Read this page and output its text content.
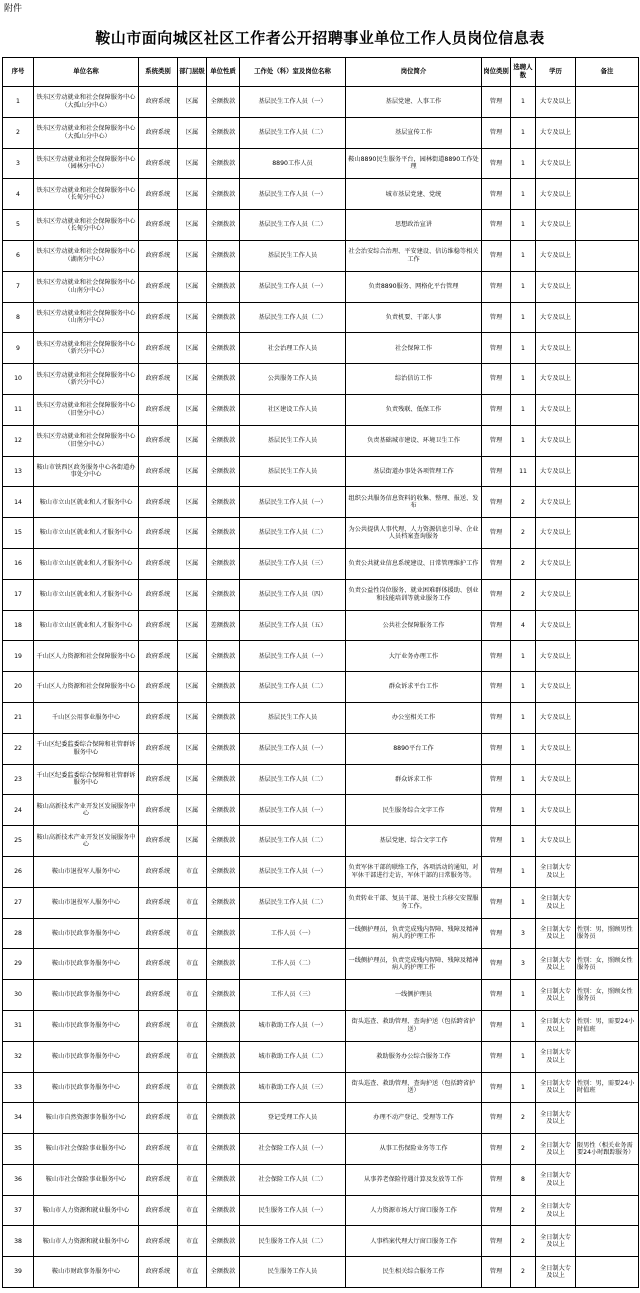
附件
鞍山市面向城区社区工作者公开招聘事业单位工作人员岗位信息表
序号	单位名称	系统类别	部门层级	单位性质	工作处（科）室及岗位名称	岗位简介	岗位类别	选聘人数	学历	备注
1	铁东区劳动就业和社会保障服务中心（大孤山分中心）	政府系统	区属	全额拨款	基层民生工作人员（一）	基层党建、人事工作	管理	1	大专及以上	
2	铁东区劳动就业和社会保障服务中心（大孤山分中心）	政府系统	区属	全额拨款	基层民生工作人员（二）	基层宣传工作	管理	1	大专及以上	
3	铁东区劳动就业和社会保障服务中心（园林分中心）	政府系统	区属	全额拨款	8890工作人员	鞍山8890民生服务平台，园林街道8890工作处理	管理	1	大专及以上	
4	铁东区劳动就业和社会保障服务中心（长甸分中心）	政府系统	区属	全额拨款	基层民生工作人员（一）	城市基层党建、党统	管理	1	大专及以上	
5	铁东区劳动就业和社会保障服务中心（长甸分中心）	政府系统	区属	全额拨款	基层民生工作人员（二）	思想政治宣讲	管理	1	大专及以上	
6	铁东区劳动就业和社会保障服务中心（湖南分中心）	政府系统	区属	全额拨款	基层民生工作人员	社会治安综合治理、平安建设、信访维稳等相关工作	管理	1	大专及以上	
7	铁东区劳动就业和社会保障服务中心（山南分中心）	政府系统	区属	全额拨款	基层民生工作人员（一）	负责8890服务、网格化平台管理	管理	1	大专及以上	
8	铁东区劳动就业和社会保障服务中心（山南分中心）	政府系统	区属	全额拨款	基层民生工作人员（二）	负责机要、干部人事	管理	1	大专及以上	
9	铁东区劳动就业和社会保障服务中心（新兴分中心）	政府系统	区属	全额拨款	社会治理工作人员	社会保障工作	管理	1	大专及以上	
10	铁东区劳动就业和社会保障服务中心（新兴分中心）	政府系统	区属	全额拨款	公共服务工作人员	综治信访工作	管理	1	大专及以上	
11	铁东区劳动就业和社会保障服务中心（旧堡分中心）	政府系统	区属	全额拨款	社区建设工作人员	负责残联、低保工作	管理	1	大专及以上	
12	铁东区劳动就业和社会保障服务中心（旧堡分中心）	政府系统	区属	全额拨款	基层民生工作人员	负责基础城市建设、环境卫生工作	管理	1	大专及以上	
13	鞍山市铁西区政务服务中心各街道办事处分中心	政府系统	区属	全额拨款	基层民生工作人员	基层街道办事处各项管理工作	管理	11	大专及以上	
14	鞍山市立山区就业和人才服务中心	政府系统	区属	全额拨款	基层民生工作人员（一）	组织公共服务信息资料的收集、整理、报送、发布	管理	2	大专及以上	
15	鞍山市立山区就业和人才服务中心	政府系统	区属	全额拨款	基层民生工作人员（二）	为公共提供人事代理、人力资源信息引导、企业人员档案查询服务	管理	2	大专及以上	
16	鞍山市立山区就业和人才服务中心	政府系统	区属	全额拨款	基层民生工作人员（三）	负责公共就业信息系统建设、日常管理维护工作	管理	2	大专及以上	
17	鞍山市立山区就业和人才服务中心	政府系统	区属	全额拨款	基层民生工作人员（四）	负责公益性岗位服务、就业困难群体援助、创业和技能培训等就业服务工作	管理	2	大专及以上	
18	鞍山市立山区就业和人才服务中心	政府系统	区属	差额拨款	基层民生工作人员（五）	公共社会保障服务工作	管理	4	大专及以上	
19	千山区人力资源和社会保障服务中心	政府系统	区属	全额拨款	基层民生工作人员（一）	大厅业务办理工作	管理	1	大专及以上	
20	千山区人力资源和社会保障服务中心	政府系统	区属	全额拨款	基层民生工作人员（二）	群众诉求平台工作	管理	1	大专及以上	
21	千山区公用事业服务中心	政府系统	区属	全额拨款	基层民生工作人员	办公室相关工作	管理	1	大专及以上	
22	千山区纪委监委综合保障和社管群诉服务中心	政府系统	区属	全额拨款	基层民生工作人员（一）	8890平台工作	管理	1	大专及以上	
23	千山区纪委监委综合保障和社管群诉服务中心	政府系统	区属	全额拨款	基层民生工作人员（二）	群众诉求工作	管理	1	大专及以上	
24	鞍山高新技术产业开发区发展服务中心	政府系统	区属	全额拨款	基层民生工作人员（一）	民生服务综合文字工作	管理	1	大专及以上	
25	鞍山高新技术产业开发区发展服务中心	政府系统	区属	全额拨款	基层民生工作人员（二）	基层党建、综合文字工作	管理	1	大专及以上	
26	鞍山市退役军人服务中心	政府系统	市直	全额拨款	基层民生工作人员（一）	负责军休干部的联络工作，各项活动的通知，对军休干部进行走访，军休干部的日常服务等。	管理	1	全日制大专及以上	
27	鞍山市退役军人服务中心	政府系统	市直	全额拨款	基层民生工作人员（二）	负责转业干部、复员干部、退役士兵移交安置服务工作。	管理	1	全日制大专及以上	
28	鞍山市民政事务服务中心	政府系统	市直	全额拨款	工作人员（一）	一线侧护理员，负责完成残内智障、残障及精神病人的护理工作	管理	3	全日制大专及以上	性别：男，照顾男性服务员
29	鞍山市民政事务服务中心	政府系统	市直	全额拨款	工作人员（二）	一线侧护理员，负责完成残内智障、残障及精神病人的护理工作	管理	3	全日制大专及以上	性别：女，照顾女性服务员
30	鞍山市民政事务服务中心	政府系统	市直	全额拨款	工作人员（三）	一线侧护理员	管理	1	全日制大专及以上	性别：女，照顾女性服务员
31	鞍山市民政事务服务中心	政府系统	市直	全额拨款	城市救助工作人员（一）	街头巡查、救助管理、查询护送（包括跨省护送）	管理	1	全日制大专及以上	性别：男，需要24小时值班
32	鞍山市民政事务服务中心	政府系统	市直	全额拨款	城市救助工作人员（二）	救助服务办公综合服务工作	管理	1	全日制大专及以上	
33	鞍山市民政事务服务中心	政府系统	市直	全额拨款	城市救助工作人员（三）	街头巡查、救助管理、查询护送（包括跨省护送）	管理	1	全日制大专及以上	性别：男，需要24小时值班
34	鞍山市自然资源事务服务中心	政府系统	市直	全额拨款	登记受理工作人员	办理不动产登记、受理等工作	管理	2	全日制大专及以上	
35	鞍山市社会保险事业服务中心	政府系统	市直	全额拨款	社会保险工作人员（一）	从事工伤保险业务等工作	管理	2	全日制大专及以上	限男性（相关业务需要24小时跟踪服务）
36	鞍山市社会保险事业服务中心	政府系统	市直	全额拨款	社会保险工作人员（二）	从事养老保险待遇计算及发放等工作	管理	8	全日制大专及以上	
37	鞍山市人力资源和就业服务中心	政府系统	市直	全额拨款	民生服务工作人员（一）	人力资源市场大厅窗口服务工作	管理	2	全日制大专及以上	
38	鞍山市人力资源和就业服务中心	政府系统	市直	全额拨款	民生服务工作人员（二）	人事档案代理大厅窗口服务工作	管理	2	全日制大专及以上	
39	鞍山市财政事务服务中心	政府系统	市直	全额拨款	民生服务工作人员	民生相关综合服务工作	管理	2	全日制大专及以上	
